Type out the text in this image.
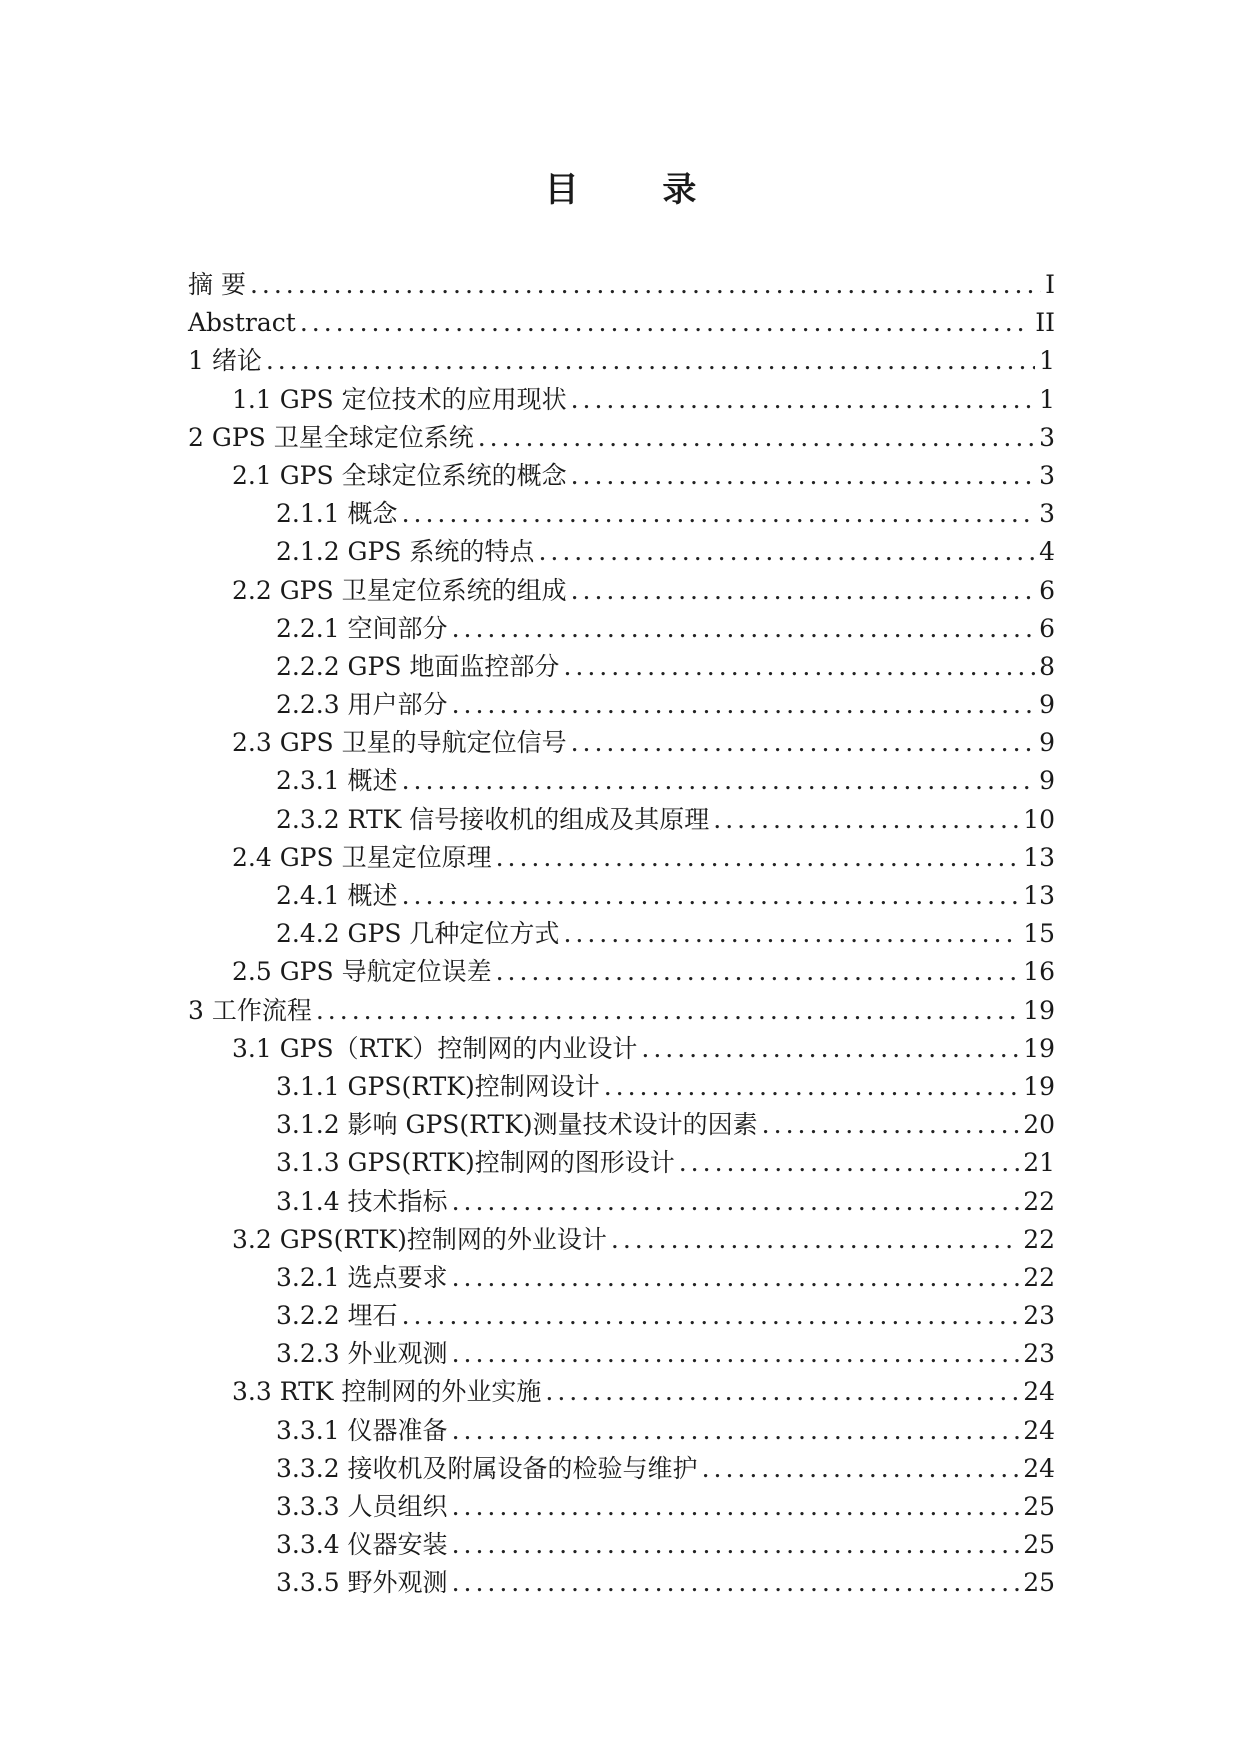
目 录
摘 要 .....	I
Abstract .....	II
1 绪论 .....	1
1.1 GPS 定位技术的应用现状 .....	1
2 GPS 卫星全球定位系统 .....	3
2.1 GPS 全球定位系统的概念 .....	3
2.1.1 概念 .....	3
2.1.2 GPS 系统的特点 .....	4
2.2 GPS 卫星定位系统的组成 .....	6
2.2.1 空间部分 .....	6
2.2.2 GPS 地面监控部分 .....	8
2.2.3 用户部分 .....	9
2.3 GPS 卫星的导航定位信号 .....	9
2.3.1 概述 .....	9
2.3.2 RTK 信号接收机的组成及其原理 .....	10
2.4 GPS 卫星定位原理 .....	13
2.4.1 概述 .....	13
2.4.2 GPS 几种定位方式 .....	15
2.5 GPS 导航定位误差 .....	16
3 工作流程 .....	19
3.1 GPS（RTK）控制网的内业设计 .....	19
3.1.1 GPS(RTK)控制网设计 .....	19
3.1.2 影响 GPS(RTK)测量技术设计的因素 .....	20
3.1.3 GPS(RTK)控制网的图形设计 .....	21
3.1.4 技术指标 .....	22
3.2 GPS(RTK)控制网的外业设计 .....	22
3.2.1 选点要求 .....	22
3.2.2 埋石 .....	23
3.2.3 外业观测 .....	23
3.3 RTK 控制网的外业实施 .....	24
3.3.1 仪器准备 .....	24
3.3.2 接收机及附属设备的检验与维护 .....	24
3.3.3 人员组织 .....	25
3.3.4 仪器安装 .....	25
3.3.5 野外观测 .....	25
